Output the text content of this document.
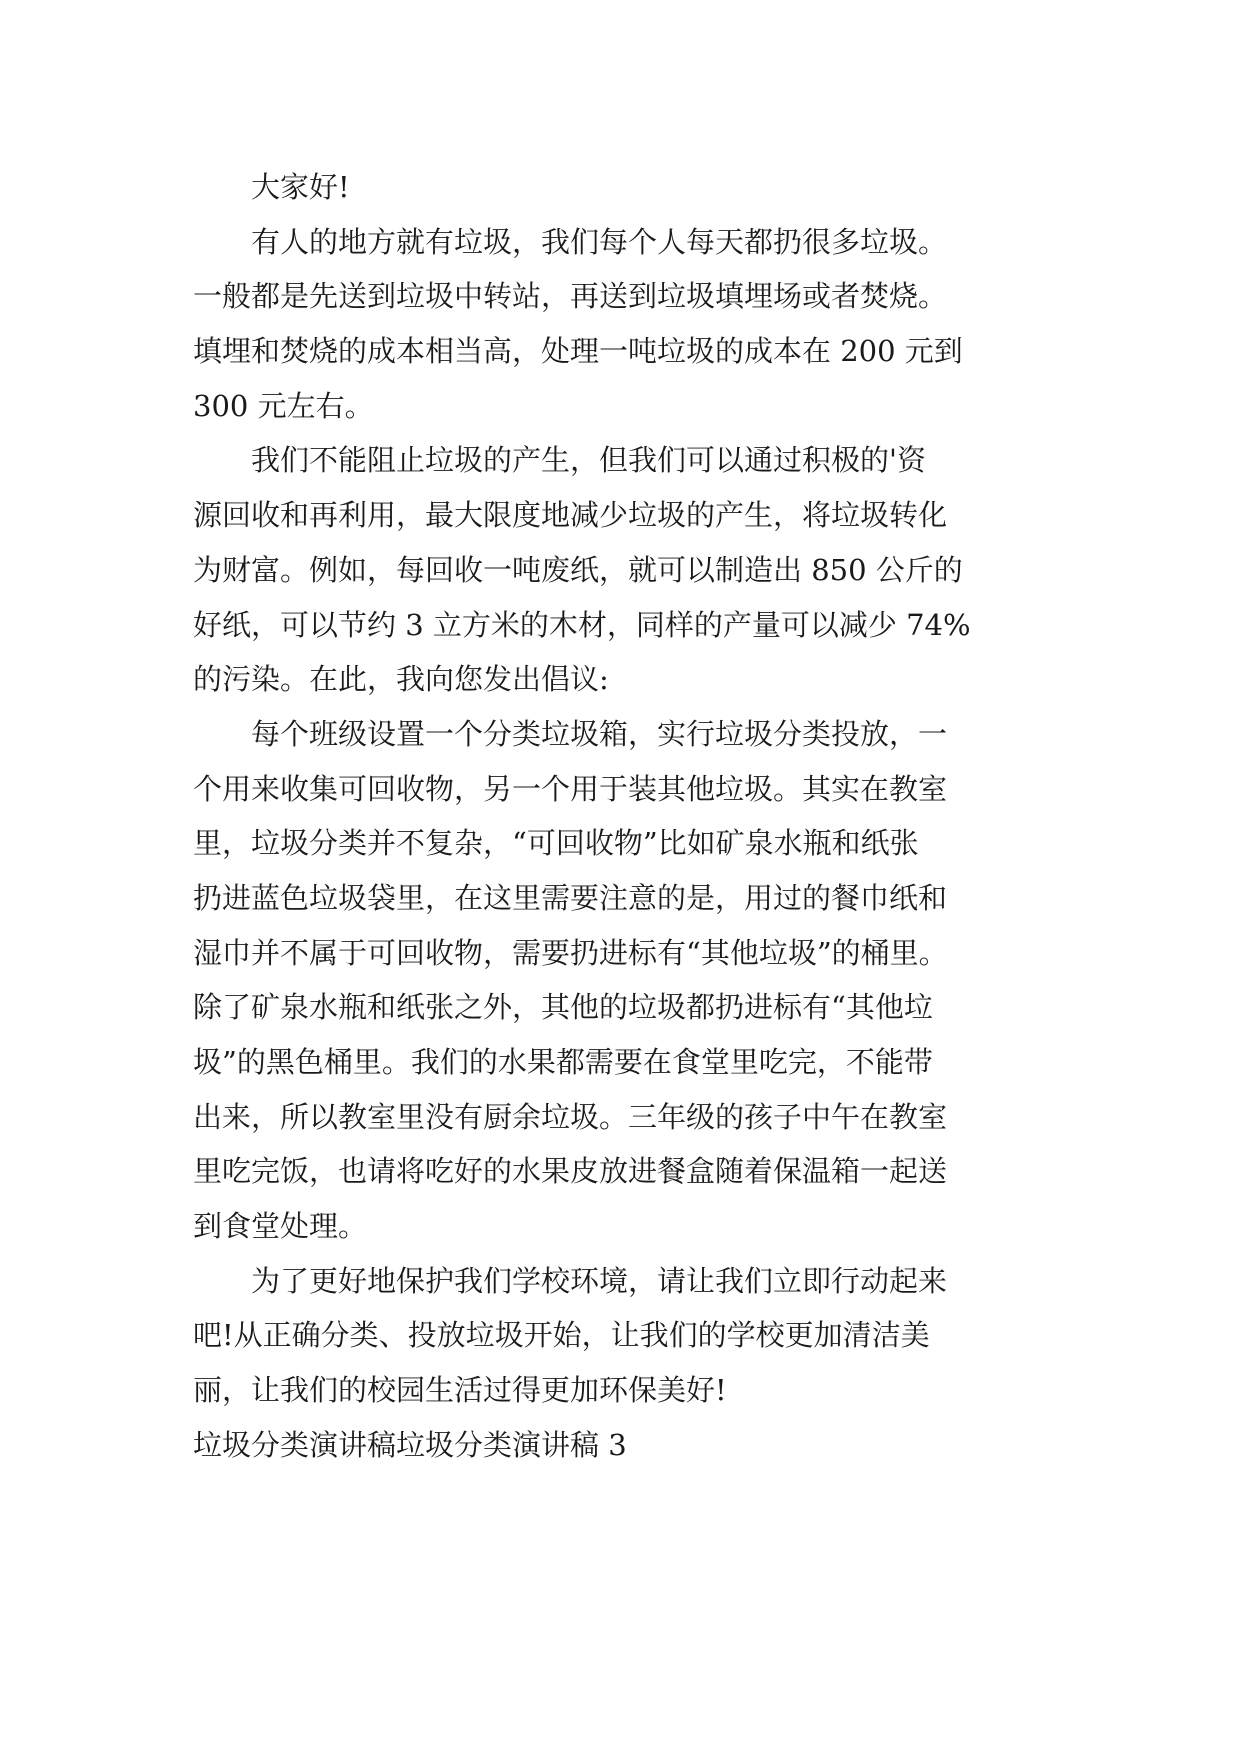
大家好!
有人的地方就有垃圾，我们每个人每天都扔很多垃圾。
一般都是先送到垃圾中转站，再送到垃圾填埋场或者焚烧。
填埋和焚烧的成本相当高，处理一吨垃圾的成本在 200 元到
300 元左右。
我们不能阻止垃圾的产生，但我们可以通过积极的'资
源回收和再利用，最大限度地减少垃圾的产生，将垃圾转化
为财富。例如，每回收一吨废纸，就可以制造出 850 公斤的
好纸，可以节约 3 立方米的木材，同样的产量可以减少 74%
的污染。在此，我向您发出倡议:
每个班级设置一个分类垃圾箱，实行垃圾分类投放，一
个用来收集可回收物，另一个用于装其他垃圾。其实在教室
里，垃圾分类并不复杂，“可回收物”比如矿泉水瓶和纸张
扔进蓝色垃圾袋里，在这里需要注意的是，用过的餐巾纸和
湿巾并不属于可回收物，需要扔进标有“其他垃圾”的桶里。
除了矿泉水瓶和纸张之外，其他的垃圾都扔进标有“其他垃
圾”的黑色桶里。我们的水果都需要在食堂里吃完，不能带
出来，所以教室里没有厨余垃圾。三年级的孩子中午在教室
里吃完饭，也请将吃好的水果皮放进餐盒随着保温箱一起送
到食堂处理。
为了更好地保护我们学校环境，请让我们立即行动起来
吧!从正确分类、投放垃圾开始，让我们的学校更加清洁美
丽，让我们的校园生活过得更加环保美好!
垃圾分类演讲稿垃圾分类演讲稿 3
